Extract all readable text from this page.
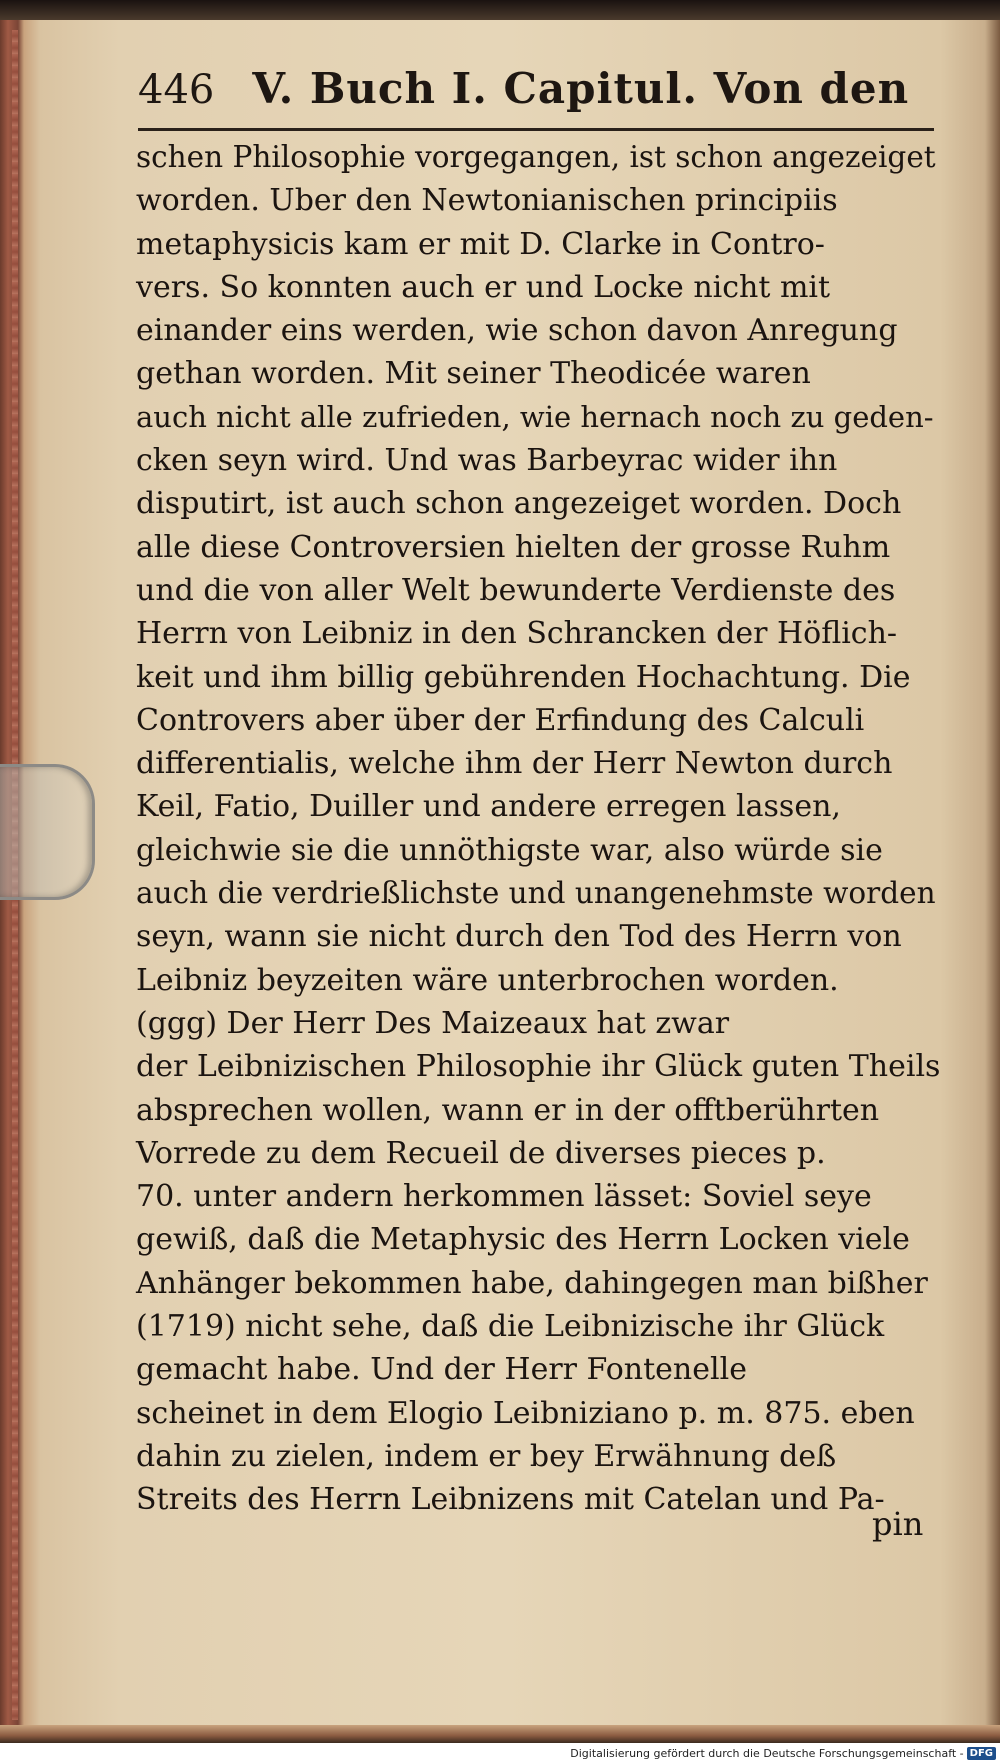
446 V. Buch I. Capitul. Von den
schen Philosophie vorgegangen, ist schon angezeiget
worden. Uber den Newtonianischen principiis
metaphysicis kam er mit D. Clarke in Contro-
vers. So konnten auch er und Locke nicht mit
einander eins werden, wie schon davon Anregung
gethan worden. Mit seiner Theodicée waren
auch nicht alle zufrieden, wie hernach noch zu geden-
cken seyn wird. Und was Barbeyrac wider ihn
disputirt, ist auch schon angezeiget worden. Doch
alle diese Controversien hielten der grosse Ruhm
und die von aller Welt bewunderte Verdienste des
Herrn von Leibniz in den Schrancken der Höflich-
keit und ihm billig gebührenden Hochachtung. Die
Controvers aber über der Erfindung des Calculi
differentialis, welche ihm der Herr Newton durch
Keil, Fatio, Duiller und andere erregen lassen,
gleichwie sie die unnöthigste war, also würde sie
auch die verdrießlichste und unangenehmste worden
seyn, wann sie nicht durch den Tod des Herrn von
Leibniz beyzeiten wäre unterbrochen worden.
(ggg) Der Herr Des Maizeaux hat zwar
der Leibnizischen Philosophie ihr Glück guten Theils
absprechen wollen, wann er in der offtberührten
Vorrede zu dem Recueil de diverses pieces p.
70. unter andern herkommen lässet: Soviel seye
gewiß, daß die Metaphysic des Herrn Locken viele
Anhänger bekommen habe, dahingegen man bißher
(1719) nicht sehe, daß die Leibnizische ihr Glück
gemacht habe. Und der Herr Fontenelle
scheinet in dem Elogio Leibniziano p. m. 875. eben
dahin zu zielen, indem er bey Erwähnung deß
Streits des Herrn Leibnizens mit Catelan und Pa-
pin
Digitalisierung gefördert durch die Deutsche Forschungsgemeinschaft - DFG
